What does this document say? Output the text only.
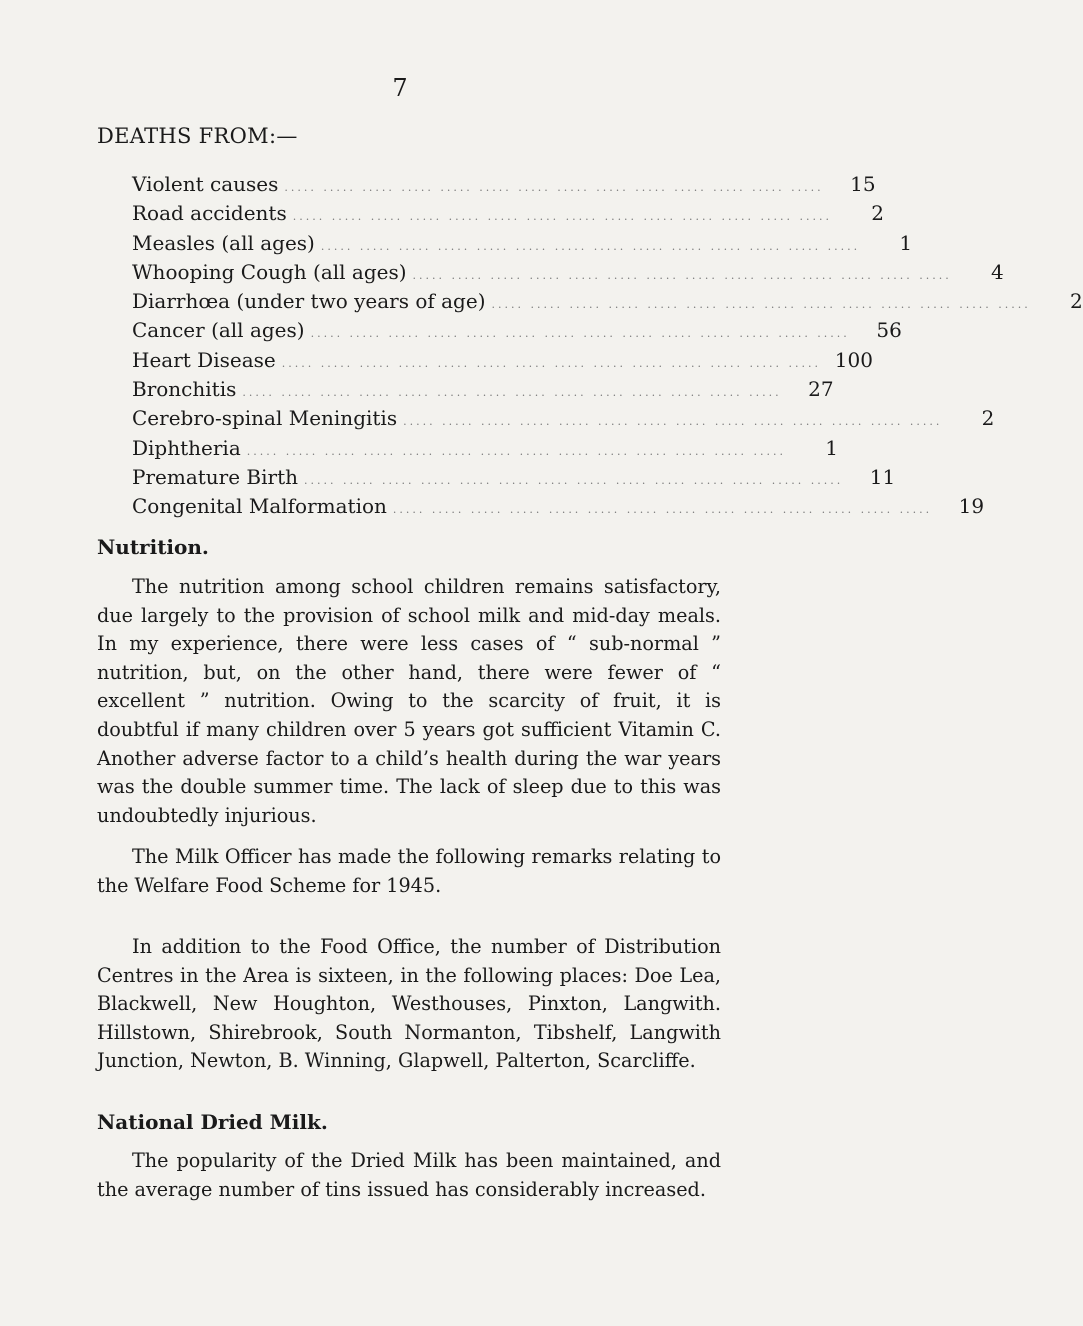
7
DEATHS FROM:—
Violent causes ..... ..... ..... ..... ..... ..... ..... ..... ..... ..... ..... ..... ..... .....	15
Road accidents ..... ..... ..... ..... ..... ..... ..... ..... ..... ..... ..... ..... ..... .....	2
Measles (all ages) ..... ..... ..... ..... ..... ..... ..... ..... ..... ..... ..... ..... ..... .....	1
Whooping Cough (all ages) ..... ..... ..... ..... ..... ..... ..... ..... ..... ..... ..... ..... ..... .....	4
Diarrhœa (under two years of age) ..... ..... ..... ..... ..... ..... ..... ..... ..... ..... ..... ..... ..... .....	2
Cancer (all ages) ..... ..... ..... ..... ..... ..... ..... ..... ..... ..... ..... ..... ..... .....	56
Heart Disease ..... ..... ..... ..... ..... ..... ..... ..... ..... ..... ..... ..... ..... ..... 100
Bronchitis ..... ..... ..... ..... ..... ..... ..... ..... ..... ..... ..... ..... ..... .....	27
Cerebro-spinal Meningitis ..... ..... ..... ..... ..... ..... ..... ..... ..... ..... ..... ..... ..... .....	2
Diphtheria ..... ..... ..... ..... ..... ..... ..... ..... ..... ..... ..... ..... ..... .....	1
Premature Birth ..... ..... ..... ..... ..... ..... ..... ..... ..... ..... ..... ..... ..... .....	11
Congenital Malformation ..... ..... ..... ..... ..... ..... ..... ..... ..... ..... ..... ..... ..... .....	19
Nutrition.

The nutrition among school children remains satisfactory, due largely to the provision of school milk and mid-day meals. In my experience, there were less cases of “ sub-normal ” nutrition, but, on the other hand, there were fewer of “ excellent ” nutrition. Owing to the scarcity of fruit, it is doubtful if many children over 5 years got sufficient Vitamin C. Another adverse factor to a child’s health during the war years was the double summer time. The lack of sleep due to this was undoubtedly injurious.

The Milk Officer has made the following remarks relating to the Welfare Food Scheme for 1945.

In addition to the Food Office, the number of Distribution Centres in the Area is sixteen, in the following places: Doe Lea, Blackwell, New Houghton, Westhouses, Pinxton, Langwith. Hillstown, Shirebrook, South Normanton, Tibshelf, Langwith Junction, Newton, B. Winning, Glapwell, Palterton, Scarcliffe.

National Dried Milk.

The popularity of the Dried Milk has been maintained, and the average number of tins issued has considerably increased.
